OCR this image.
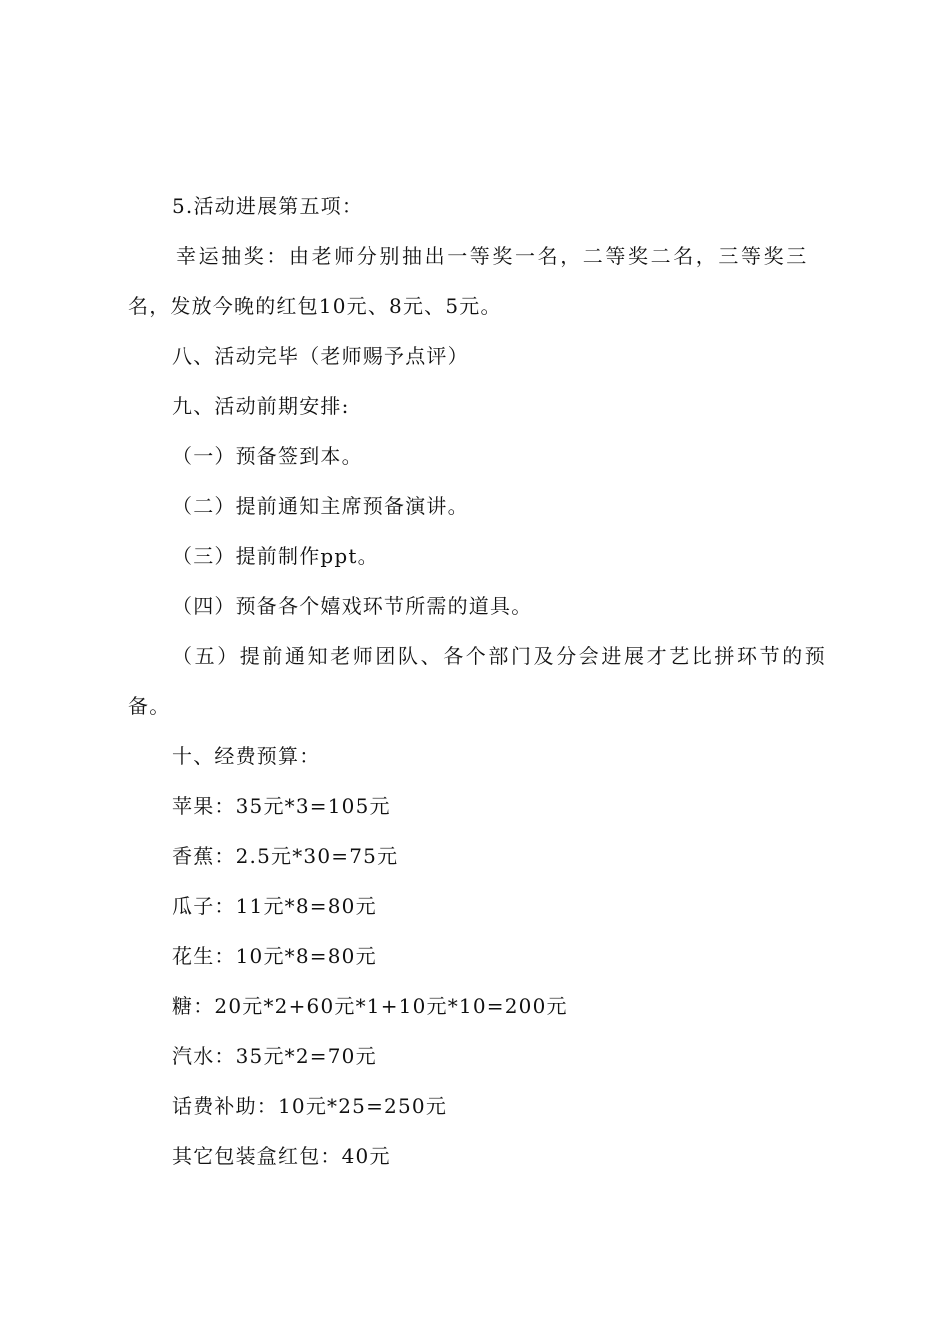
5.活动进展第五项：
幸运抽奖：由老师分别抽出一等奖一名，二等奖二名，三等奖三
名，发放今晚的红包10元、8元、5元。
八、活动完毕（老师赐予点评）
九、活动前期安排:
（一）预备签到本。
（二）提前通知主席预备演讲。
（三）提前制作ppt。
（四）预备各个嬉戏环节所需的道具。
（五）提前通知老师团队、各个部门及分会进展才艺比拼环节的预
备。
十、经费预算：
苹果：35元*3=105元
香蕉：2.5元*30=75元
瓜子：11元*8=80元
花生：10元*8=80元
糖：20元*2+60元*1+10元*10=200元
汽水：35元*2=70元
话费补助：10元*25=250元
其它包装盒红包：40元
